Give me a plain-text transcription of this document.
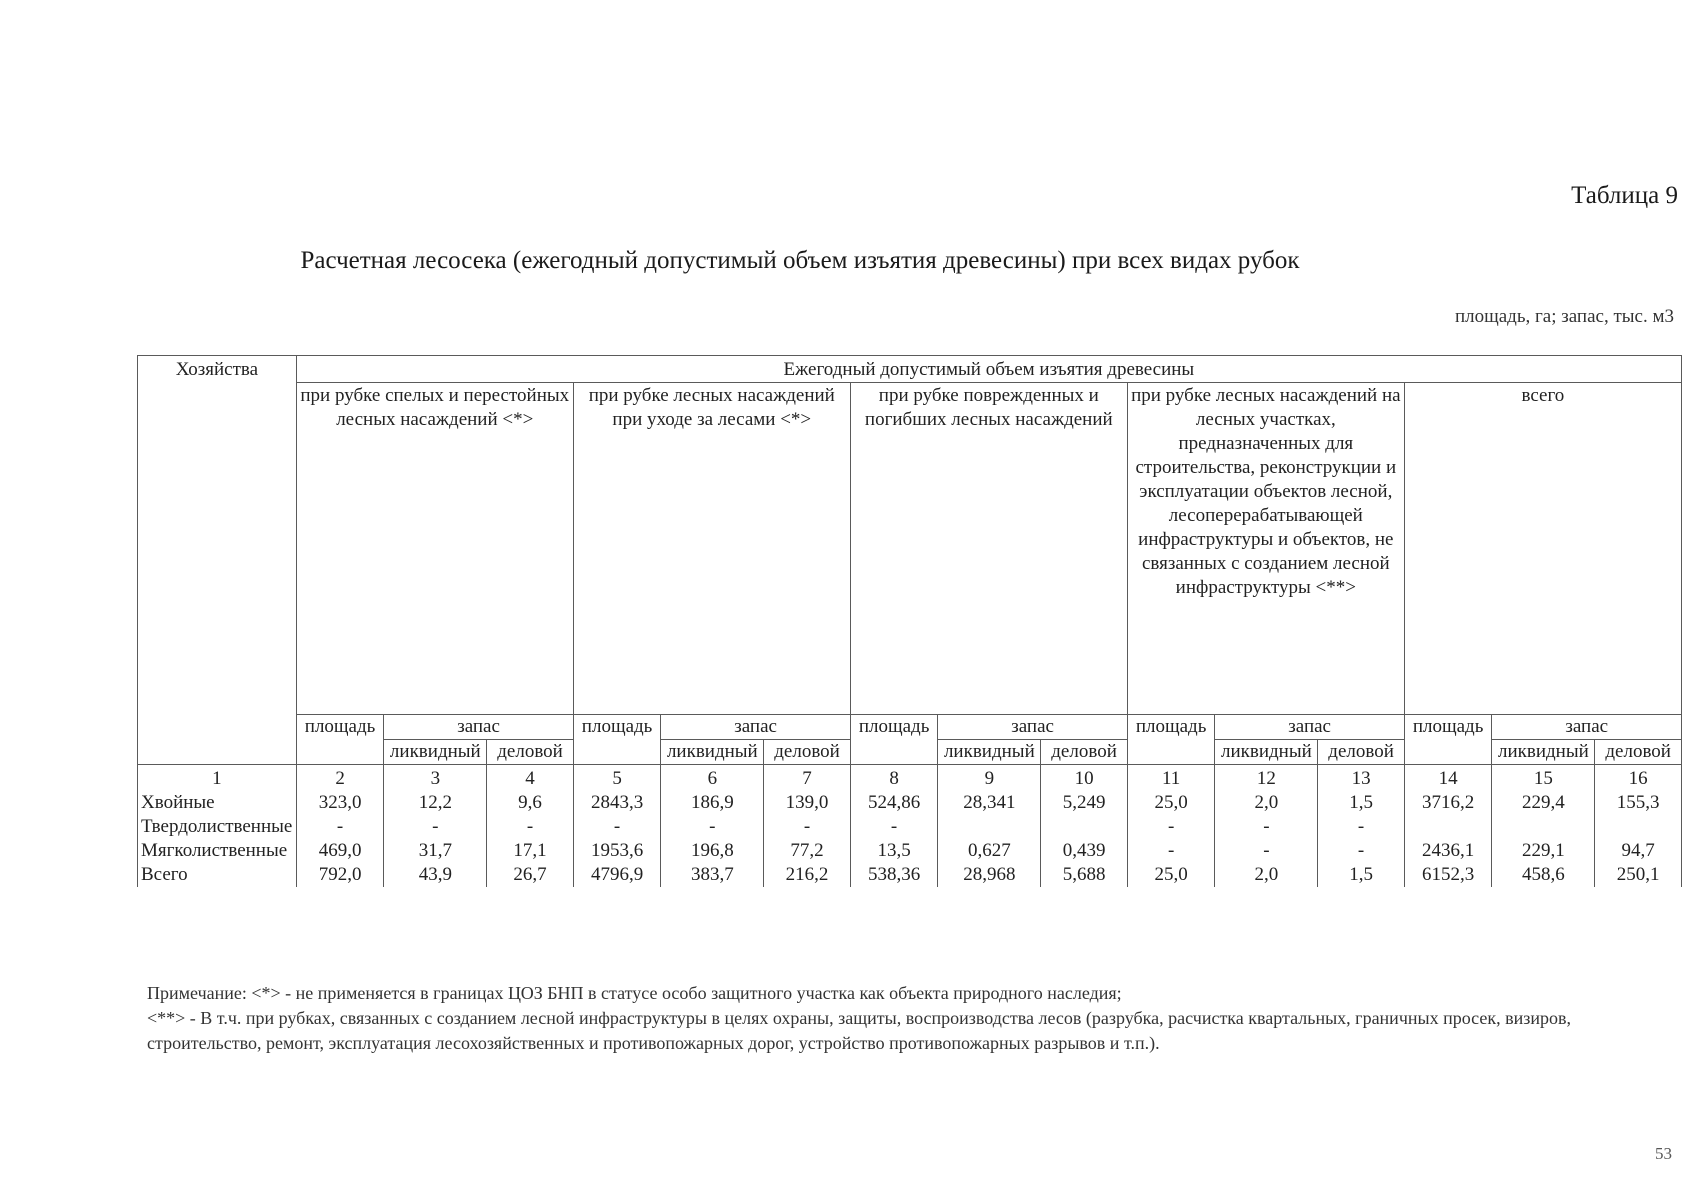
Таблица 9
Расчетная лесосека (ежегодный допустимый объем изъятия древесины) при всех видах рубок
площадь, га; запас, тыс. м3
Хозяйства	Ежегодный допустимый объем изъятия древесины														
	при рубке спелых и перестойных лесных насаждений <*>			при рубке лесных насаждений при уходе за лесами <*>			при рубке поврежденных и погибших лесных насаждений			при рубке лесных насаждений на лесных участках, предназначенных для строительства, реконструкции и эксплуатации объектов лесной, лесоперерабатывающей инфраструктуры и объектов, не связанных с созданием лесной инфраструктуры <**>			всего		
	площадь	запас		площадь	запас		площадь	запас		площадь	запас		площадь	запас	
		ликвидный	деловой		ликвидный	деловой		ликвидный	деловой		ликвидный	деловой		ликвидный	деловой
1	2	3	4	5	6	7	8	9	10	11	12	13	14	15	16
Хвойные	323,0	12,2	9,6	2843,3	186,9	139,0	524,86	28,341	5,249	25,0	2,0	1,5	3716,2	229,4	155,3
Твердолиственные	-	-	-	-	-	-	-			-	-	-			
Мягколиственные	469,0	31,7	17,1	1953,6	196,8	77,2	13,5	0,627	0,439	-	-	-	2436,1	229,1	94,7
Всего	792,0	43,9	26,7	4796,9	383,7	216,2	538,36	28,968	5,688	25,0	2,0	1,5	6152,3	458,6	250,1

Примечание: <*> - не применяется в границах ЦОЗ БНП в статусе особо защитного участка как объекта природного наследия;

<**> - В т.ч. при рубках, связанных с созданием лесной инфраструктуры в целях охраны, защиты, воспроизводства лесов (разрубка, расчистка квартальных, граничных просек, визиров, строительство, ремонт, эксплуатация лесохозяйственных и противопожарных дорог, устройство противопожарных разрывов и т.п.).

53
